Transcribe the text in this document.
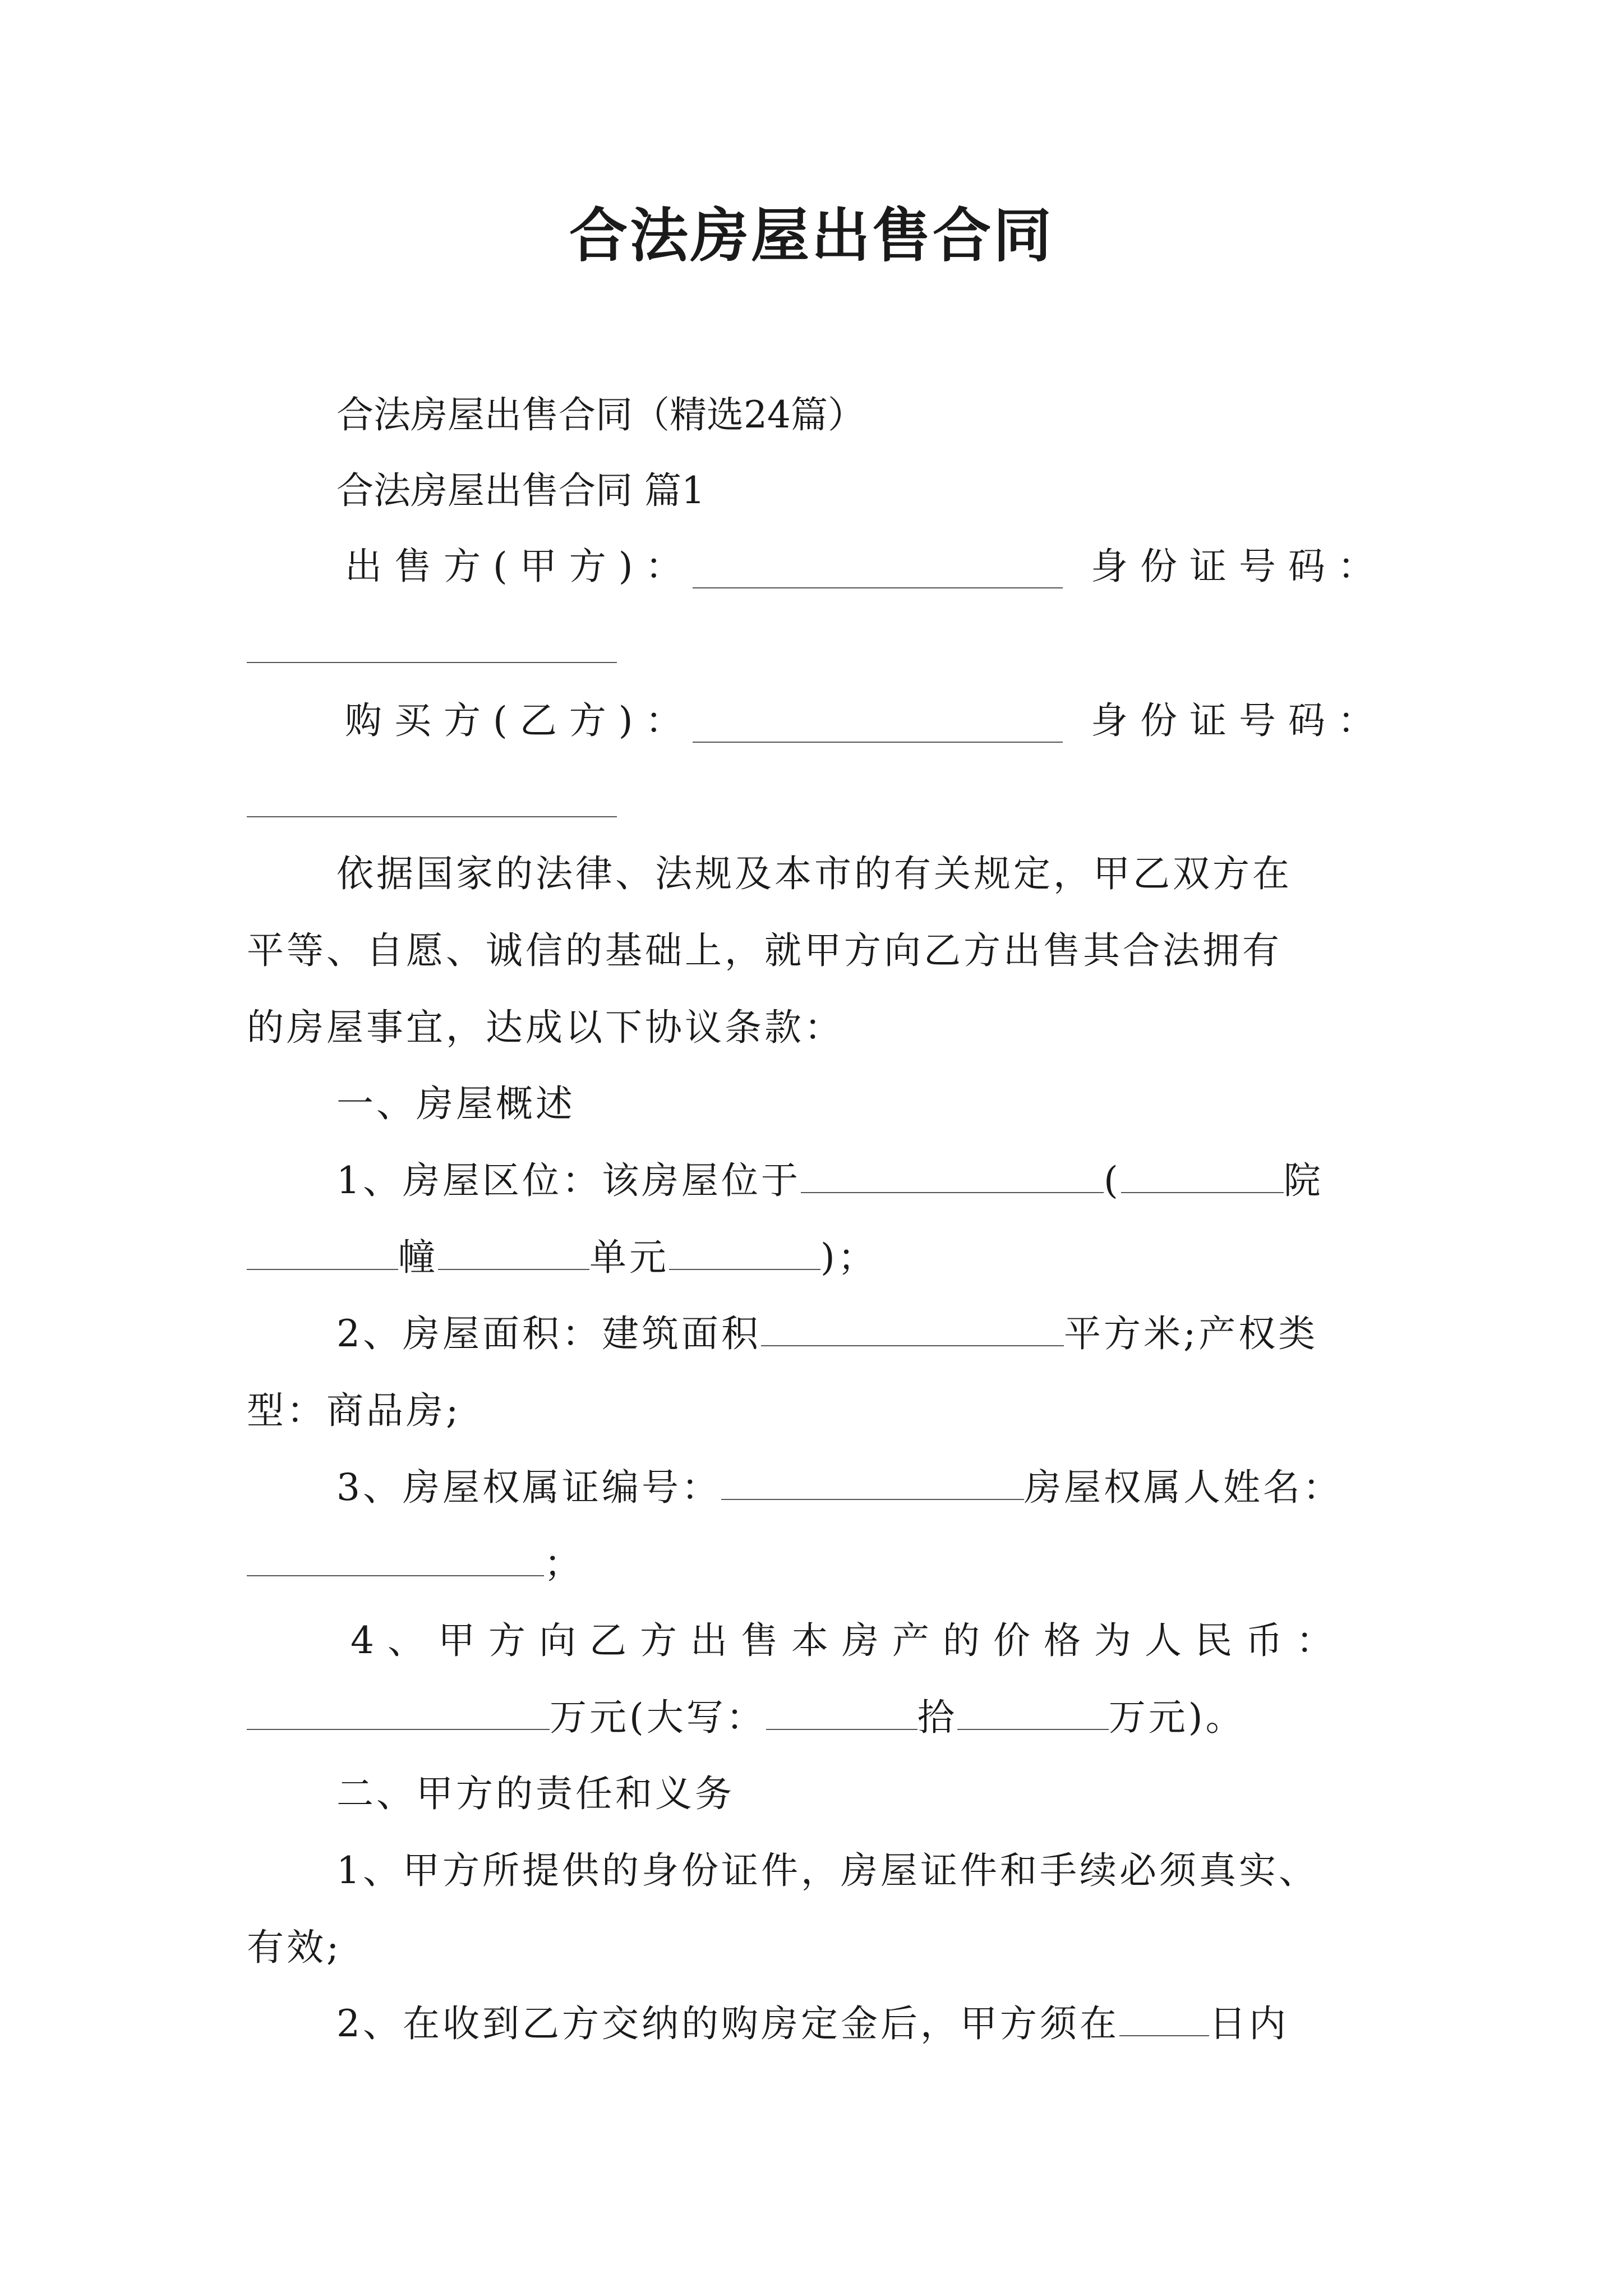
合法房屋出售合同
合法房屋出售合同（精选24篇）
合法房屋出售合同 篇1
出售方(甲方)：	身份证号码：
购买方(乙方)：	身份证号码：
依据国家的法律、法规及本市的有关规定，甲乙双方在
平等、自愿、诚信的基础上，就甲方向乙方出售其合法拥有
的房屋事宜，达成以下协议条款：
一、房屋概述
1、房屋区位：该房屋位于	(	院
幢	单元	)；
2、房屋面积：建筑面积	平方米;产权类
型：商品房;
3、房屋权属证编号：	房屋权属人姓名：
；
4、甲方向乙方出售本房产的价格为人民币：
万元(大写：	拾	万元)。
二、甲方的责任和义务
1、甲方所提供的身份证件，房屋证件和手续必须真实、
有效;
2、在收到乙方交纳的购房定金后，甲方须在 日内
